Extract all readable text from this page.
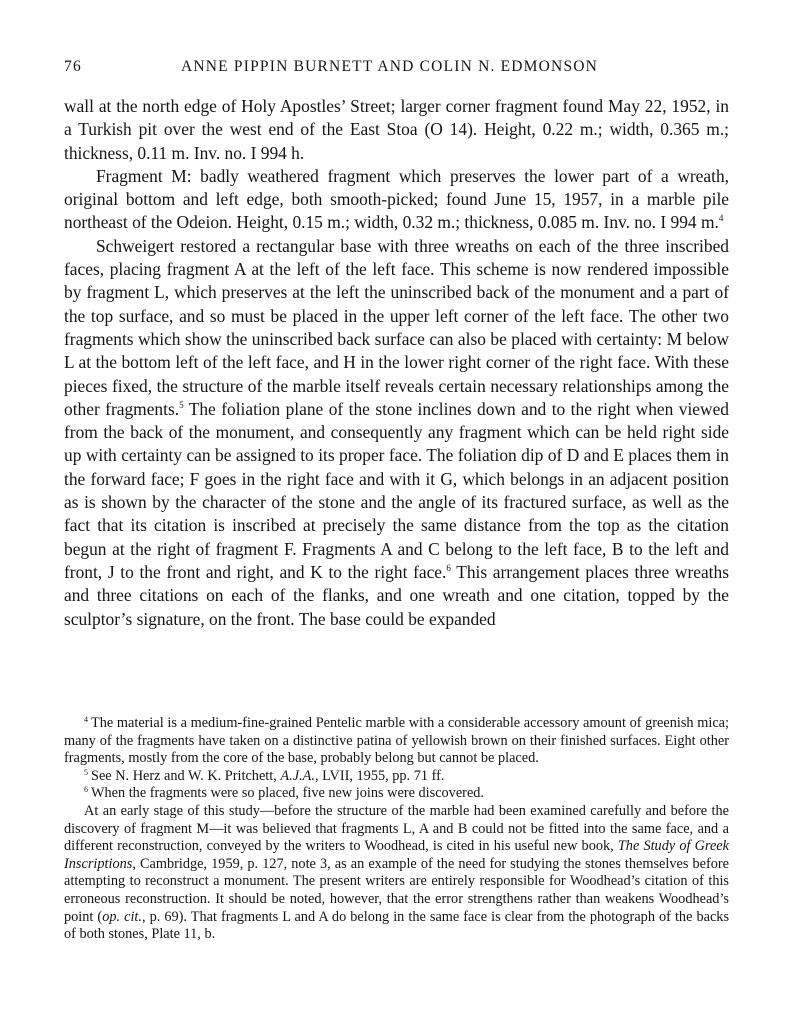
76	ANNE PIPPIN BURNETT AND COLIN N. EDMONSON

wall at the north edge of Holy Apostles’ Street; larger corner fragment found May 22, 1952, in a Turkish pit over the west end of the East Stoa (O 14). Height, 0.22 m.; width, 0.365 m.; thickness, 0.11 m. Inv. no. I 994 h.

Fragment M: badly weathered fragment which preserves the lower part of a wreath, original bottom and left edge, both smooth-picked; found June 15, 1957, in a marble pile northeast of the Odeion. Height, 0.15 m.; width, 0.32 m.; thickness, 0.085 m. Inv. no. I 994 m.$^4$

Schweigert restored a rectangular base with three wreaths on each of the three inscribed faces, placing fragment A at the left of the left face. This scheme is now rendered impossible by fragment L, which preserves at the left the uninscribed back of the monument and a part of the top surface, and so must be placed in the upper left corner of the left face. The other two fragments which show the uninscribed back surface can also be placed with certainty: M below L at the bottom left of the left face, and H in the lower right corner of the right face. With these pieces fixed, the structure of the marble itself reveals certain necessary relationships among the other fragments.$^5$ The foliation plane of the stone inclines down and to the right when viewed from the back of the monument, and consequently any fragment which can be held right side up with certainty can be assigned to its proper face. The foliation dip of D and E places them in the forward face; F goes in the right face and with it G, which belongs in an adjacent position as is shown by the character of the stone and the angle of its fractured surface, as well as the fact that its citation is inscribed at precisely the same distance from the top as the citation begun at the right of fragment F. Fragments A and C belong to the left face, B to the left and front, J to the front and right, and K to the right face.$^6$ This arrangement places three wreaths and three citations on each of the flanks, and one wreath and one citation, topped by the sculptor’s signature, on the front. The base could be expanded

$^4$ The material is a medium-fine-grained Pentelic marble with a considerable accessory amount of greenish mica; many of the fragments have taken on a distinctive patina of yellowish brown on their finished surfaces. Eight other fragments, mostly from the core of the base, probably belong but cannot be placed.

$^5$ See N. Herz and W. K. Pritchett, A.J.A., LVII, 1955, pp. 71 ff.

$^6$ When the fragments were so placed, five new joins were discovered.

At an early stage of this study—before the structure of the marble had been examined carefully and before the discovery of fragment M—it was believed that fragments L, A and B could not be fitted into the same face, and a different reconstruction, conveyed by the writers to Woodhead, is cited in his useful new book, The Study of Greek Inscriptions, Cambridge, 1959, p. 127, note 3, as an example of the need for studying the stones themselves before attempting to reconstruct a monument. The present writers are entirely responsible for Woodhead’s citation of this erroneous reconstruction. It should be noted, however, that the error strengthens rather than weakens Woodhead’s point (op. cit., p. 69). That fragments L and A do belong in the same face is clear from the photograph of the backs of both stones, Plate 11, b.
